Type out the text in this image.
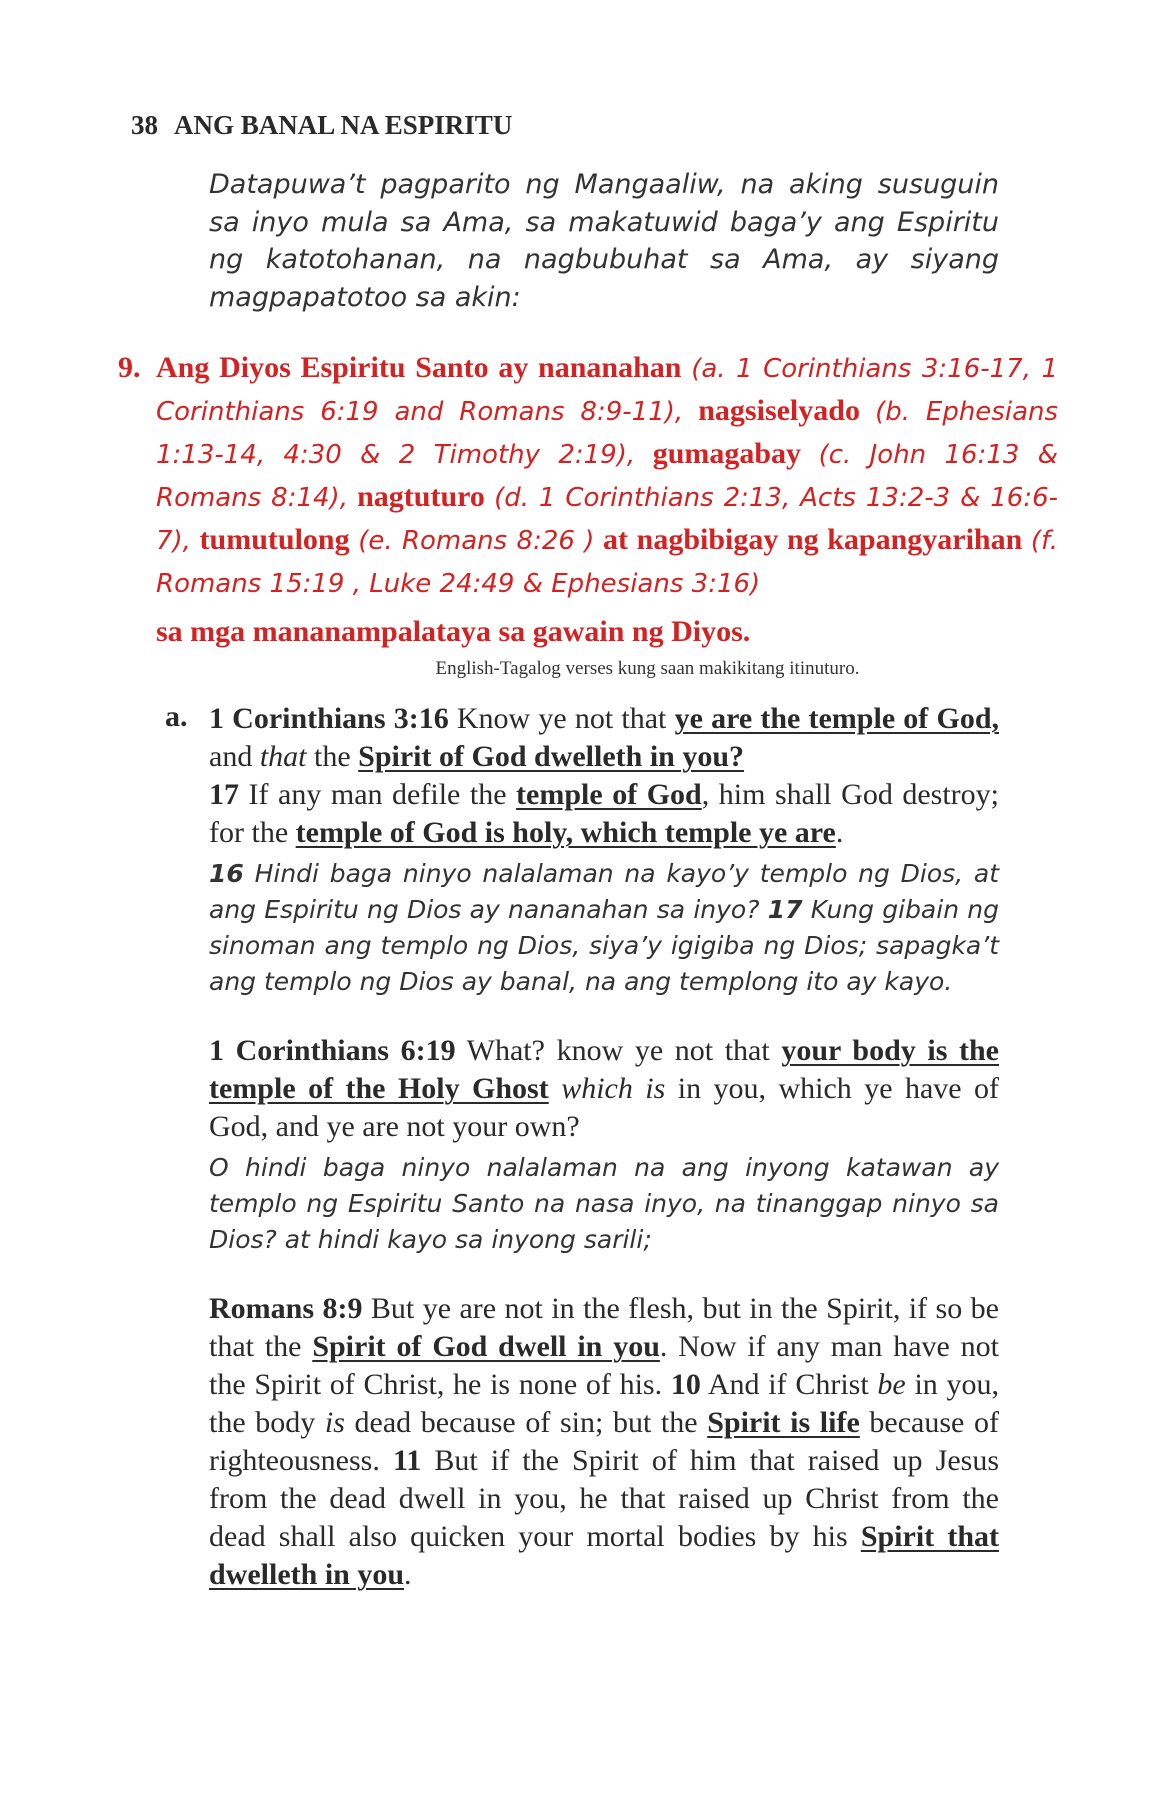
38 ANG BANAL NA ESPIRITU
Datapuwa’t pagparito ng Mangaaliw, na aking susuguin sa inyo mula sa Ama, sa makatuwid baga’y ang Espiritu ng katotohanan, na nagbubuhat sa Ama, ay siyang magpapatotoo sa akin:
9. Ang Diyos Espiritu Santo ay nananahan (a. 1 Corinthians 3:16-17, 1 Corinthians 6:19 and Romans 8:9-11), nagsiselyado (b. Ephesians 1:13-14, 4:30 & 2 Timothy 2:19), gumagabay (c. John 16:13 & Romans 8:14), nagtuturo (d. 1 Corinthians 2:13, Acts 13:2-3 & 16:6-7), tumutulong (e. Romans 8:26 ) at nagbibigay ng kapangyarihan (f. Romans 15:19 , Luke 24:49 & Ephesians 3:16)
sa mga mananampalataya sa gawain ng Diyos.
English-Tagalog verses kung saan makikitang itinuturo.
a. 1 Corinthians 3:16 Know ye not that ye are the temple of God, and that the Spirit of God dwelleth in you?
17 If any man defile the temple of God, him shall God destroy; for the temple of God is holy, which temple ye are.
16 Hindi baga ninyo nalalaman na kayo’y templo ng Dios, at ang Espiritu ng Dios ay nananahan sa inyo? 17 Kung gibain ng sinoman ang templo ng Dios, siya’y igigiba ng Dios; sapagka’t ang templo ng Dios ay banal, na ang templong ito ay kayo.
1 Corinthians 6:19 What? know ye not that your body is the temple of the Holy Ghost which is in you, which ye have of God, and ye are not your own?
O hindi baga ninyo nalalaman na ang inyong katawan ay templo ng Espiritu Santo na nasa inyo, na tinanggap ninyo sa Dios? at hindi kayo sa inyong sarili;
Romans 8:9 But ye are not in the flesh, but in the Spirit, if so be that the Spirit of God dwell in you. Now if any man have not the Spirit of Christ, he is none of his. 10 And if Christ be in you, the body is dead because of sin; but the Spirit is life because of righteousness. 11 But if the Spirit of him that raised up Jesus from the dead dwell in you, he that raised up Christ from the dead shall also quicken your mortal bodies by his Spirit that dwelleth in you.
